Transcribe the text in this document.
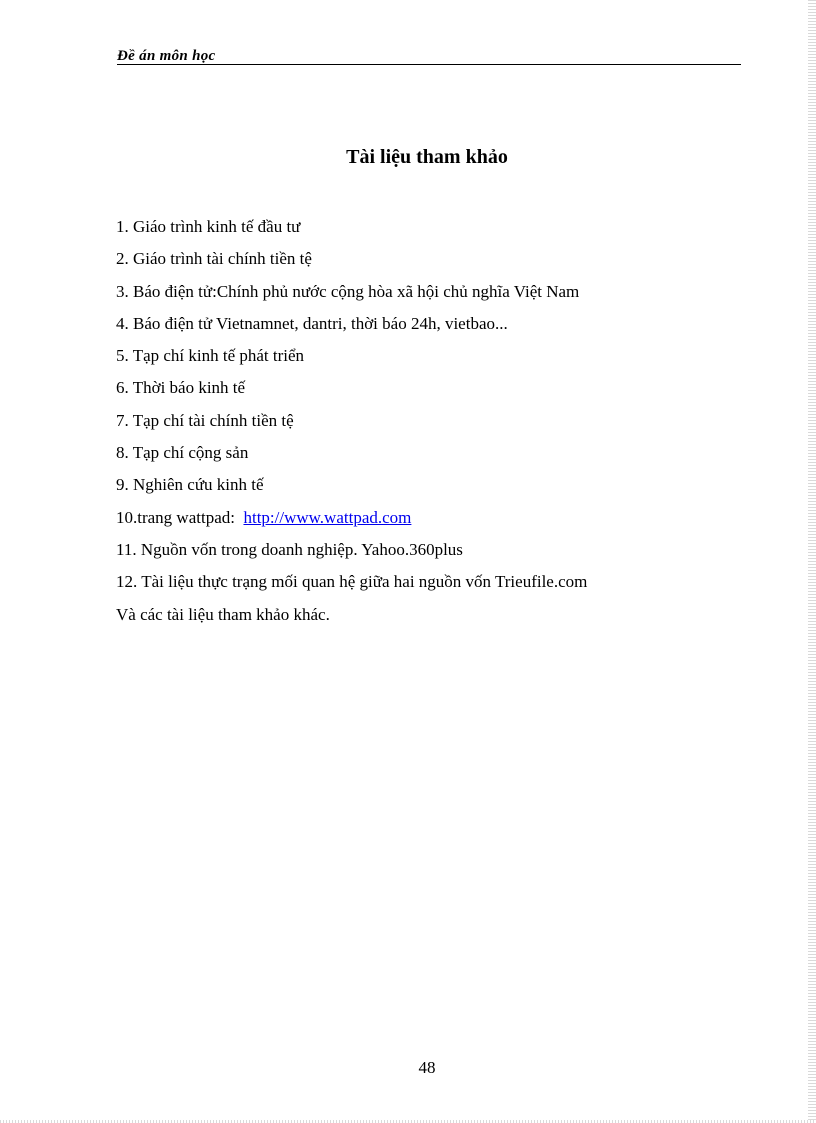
Đề án môn học
Tài liệu tham khảo
1. Giáo trình kinh tế đầu tư
2. Giáo trình tài chính tiền tệ
3. Báo điện tử:Chính phủ nước cộng hòa xã hội chủ nghĩa Việt Nam
4. Báo điện tử Vietnamnet, dantri, thời báo 24h, vietbao...
5. Tạp chí kinh tế phát triển
6. Thời báo kinh tế
7. Tạp chí tài chính tiền tệ
8. Tạp chí cộng sản
9. Nghiên cứu kinh tế
10.trang wattpad:  http://www.wattpad.com
11. Nguồn vốn trong doanh nghiệp. Yahoo.360plus
12. Tài liệu thực trạng mối quan hệ giữa hai nguồn vốn Trieufile.com
Và các tài liệu tham khảo khác.
48
